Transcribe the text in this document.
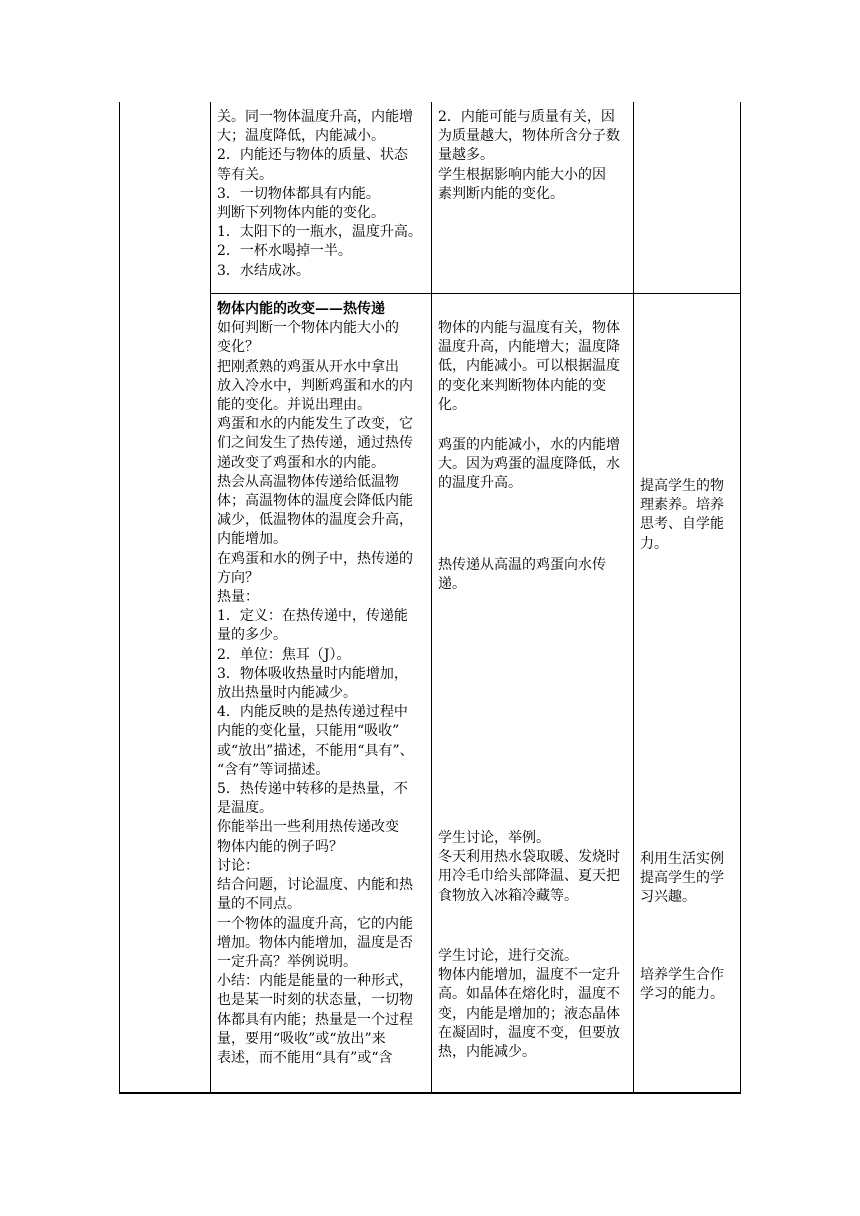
关。同一物体温度升高，内能增

大；温度降低，内能减小。

2．内能还与物体的质量、状态

等有关。

3．一切物体都具有内能。

判断下列物体内能的变化。

1．太阳下的一瓶水，温度升高。

2．一杯水喝掉一半。

3．水结成冰。

2．内能可能与质量有关，因

为质量越大，物体所含分子数

量越多。

学生根据影响内能大小的因

素判断内能的变化。

物体内能的改变——热传递

如何判断一个物体内能大小的

变化？

把刚煮熟的鸡蛋从开水中拿出

放入冷水中，判断鸡蛋和水的内

能的变化。并说出理由。

鸡蛋和水的内能发生了改变，它

们之间发生了热传递，通过热传

递改变了鸡蛋和水的内能。

热会从高温物体传递给低温物

体；高温物体的温度会降低内能

减少，低温物体的温度会升高，

内能增加。

在鸡蛋和水的例子中，热传递的

方向？

热量：

1．定义：在热传递中，传递能

量的多少。

2．单位：焦耳（J）。

3．物体吸收热量时内能增加，

放出热量时内能减少。

4．内能反映的是热传递过程中

内能的变化量，只能用“吸收”

或“放出”描述，不能用“具有”、

“含有”等词描述。

5．热传递中转移的是热量，不

是温度。

你能举出一些利用热传递改变

物体内能的例子吗？

讨论：

结合问题，讨论温度、内能和热

量的不同点。

一个物体的温度升高，它的内能

增加。物体内能增加，温度是否

一定升高？举例说明。

小结：内能是能量的一种形式，

也是某一时刻的状态量，一切物

体都具有内能；热量是一个过程

量，要用“吸收”或“放出”来

表述，而不能用“具有”或“含

物体的内能与温度有关，物体

温度升高，内能增大；温度降

低，内能减小。可以根据温度

的变化来判断物体内能的变

化。

鸡蛋的内能减小，水的内能增

大。因为鸡蛋的温度降低，水

的温度升高。

热传递从高温的鸡蛋向水传

递。

学生讨论，举例。

冬天利用热水袋取暖、发烧时

用冷毛巾给头部降温、夏天把

食物放入冰箱冷藏等。

学生讨论，进行交流。

物体内能增加，温度不一定升

高。如晶体在熔化时，温度不

变，内能是增加的；液态晶体

在凝固时，温度不变，但要放

热，内能减少。

提高学生的物

理素养。培养

思考、自学能

力。

利用生活实例

提高学生的学

习兴趣。

培养学生合作

学习的能力。
